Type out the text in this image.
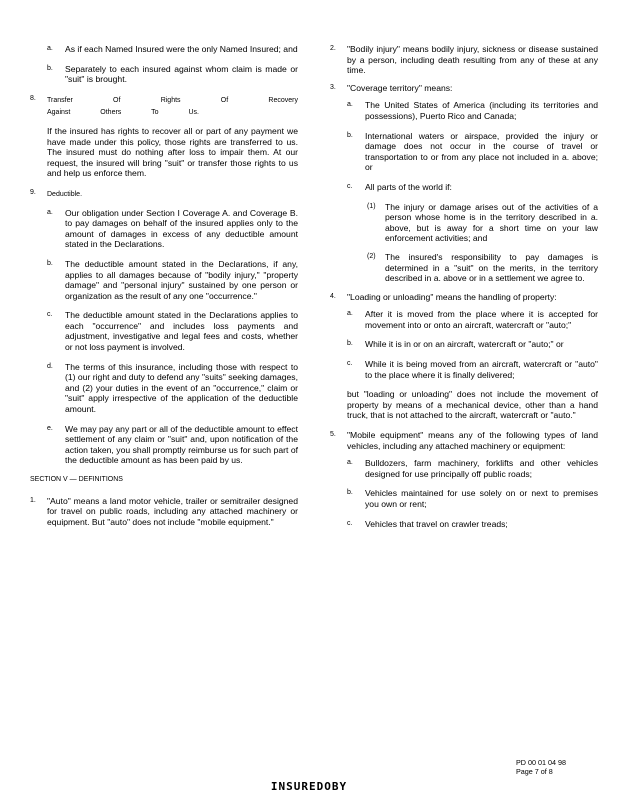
a. As if each Named Insured were the only Named Insured; and
b. Separately to each insured against whom claim is made or "suit" is brought.
8. Transfer Of Rights Of Recovery Against Others To Us.
If the insured has rights to recover all or part of any payment we have made under this policy, those rights are transferred to us. The insured must do nothing after loss to impair them. At our request, the insured will bring "suit" or transfer those rights to us and help us enforce them.
9. Deductible.
a. Our obligation under Section I Coverage A. and Coverage B. to pay damages on behalf of the insured applies only to the amount of damages in excess of any deductible amount stated in the Declarations.
b. The deductible amount stated in the Declarations, if any, applies to all damages because of "bodily injury," "property damage" and "personal injury" sustained by one person or organization as the result of any one "occurrence."
c. The deductible amount stated in the Declarations applies to each "occurrence" and includes loss payments and adjustment, investigative and legal fees and costs, whether or not loss payment is involved.
d. The terms of this insurance, including those with respect to (1) our right and duty to defend any "suits" seeking damages, and (2) your duties in the event of an "occurrence," claim or "suit" apply irrespective of the application of the deductible amount.
e. We may pay any part or all of the deductible amount to effect settlement of any claim or "suit" and, upon notification of the action taken, you shall promptly reimburse us for such part of the deductible amount as has been paid by us.
SECTION V — DEFINITIONS
1. "Auto" means a land motor vehicle, trailer or semitrailer designed for travel on public roads, including any attached machinery or equipment. But "auto" does not include "mobile equipment."
2. "Bodily injury" means bodily injury, sickness or disease sustained by a person, including death resulting from any of these at any time.
3. "Coverage territory" means:
a. The United States of America (including its territories and possessions), Puerto Rico and Canada;
b. International waters or airspace, provided the injury or damage does not occur in the course of travel or transportation to or from any place not included in a. above; or
c. All parts of the world if:
(1) The injury or damage arises out of the activities of a person whose home is in the territory described in a. above, but is away for a short time on your law enforcement activities; and
(2) The insured's responsibility to pay damages is determined in a "suit" on the merits, in the territory described in a. above or in a settlement we agree to.
4. "Loading or unloading" means the handling of property:
a. After it is moved from the place where it is accepted for movement into or onto an aircraft, watercraft or "auto;"
b. While it is in or on an aircraft, watercraft or "auto;" or
c. While it is being moved from an aircraft, watercraft or "auto" to the place where it is finally delivered;
but "loading or unloading" does not include the movement of property by means of a mechanical device, other than a hand truck, that is not attached to the aircraft, watercraft or "auto."
5. "Mobile equipment" means any of the following types of land vehicles, including any attached machinery or equipment:
a. Bulldozers, farm machinery, forklifts and other vehicles designed for use principally off public roads;
b. Vehicles maintained for use solely on or next to premises you own or rent;
c. Vehicles that travel on crawler treads;
PD 00 01 04 98
Page 7 of 8
INSUREDOBY
